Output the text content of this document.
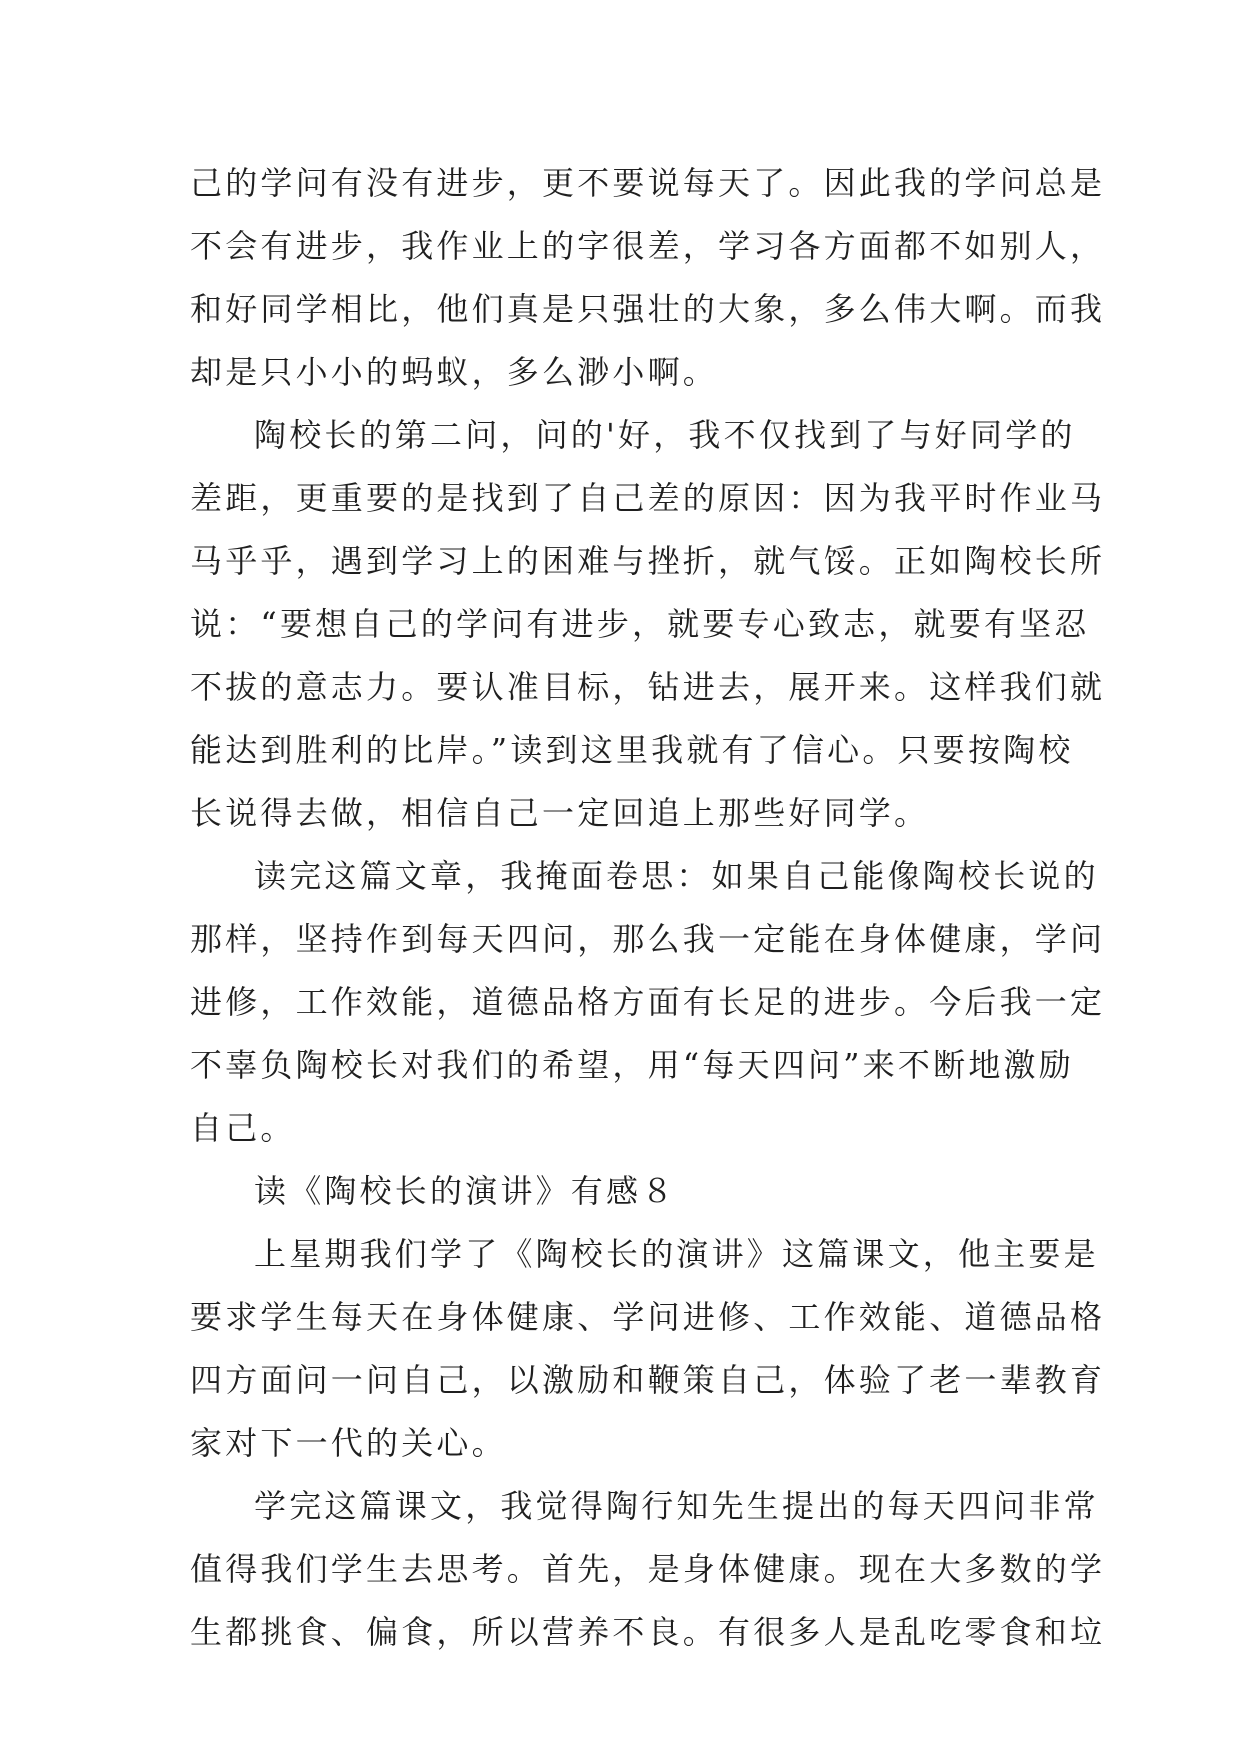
己的学问有没有进步，更不要说每天了。因此我的学问总是
不会有进步，我作业上的字很差，学习各方面都不如别人，
和好同学相比，他们真是只强壮的大象，多么伟大啊。而我
却是只小小的蚂蚁，多么渺小啊。
陶校长的第二问，问的'好，我不仅找到了与好同学的
差距，更重要的是找到了自己差的原因：因为我平时作业马
马乎乎，遇到学习上的困难与挫折，就气馁。正如陶校长所
说：“要想自己的学问有进步，就要专心致志，就要有坚忍
不拔的意志力。要认准目标，钻进去，展开来。这样我们就
能达到胜利的比岸。”读到这里我就有了信心。只要按陶校
长说得去做，相信自己一定回追上那些好同学。
读完这篇文章，我掩面卷思：如果自己能像陶校长说的
那样，坚持作到每天四问，那么我一定能在身体健康，学问
进修，工作效能，道德品格方面有长足的进步。今后我一定
不辜负陶校长对我们的希望，用“每天四问”来不断地激励
自己。
读《陶校长的演讲》有感８
上星期我们学了《陶校长的演讲》这篇课文，他主要是
要求学生每天在身体健康、学问进修、工作效能、道德品格
四方面问一问自己，以激励和鞭策自己，体验了老一辈教育
家对下一代的关心。
学完这篇课文，我觉得陶行知先生提出的每天四问非常
值得我们学生去思考。首先，是身体健康。现在大多数的学
生都挑食、偏食，所以营养不良。有很多人是乱吃零食和垃
